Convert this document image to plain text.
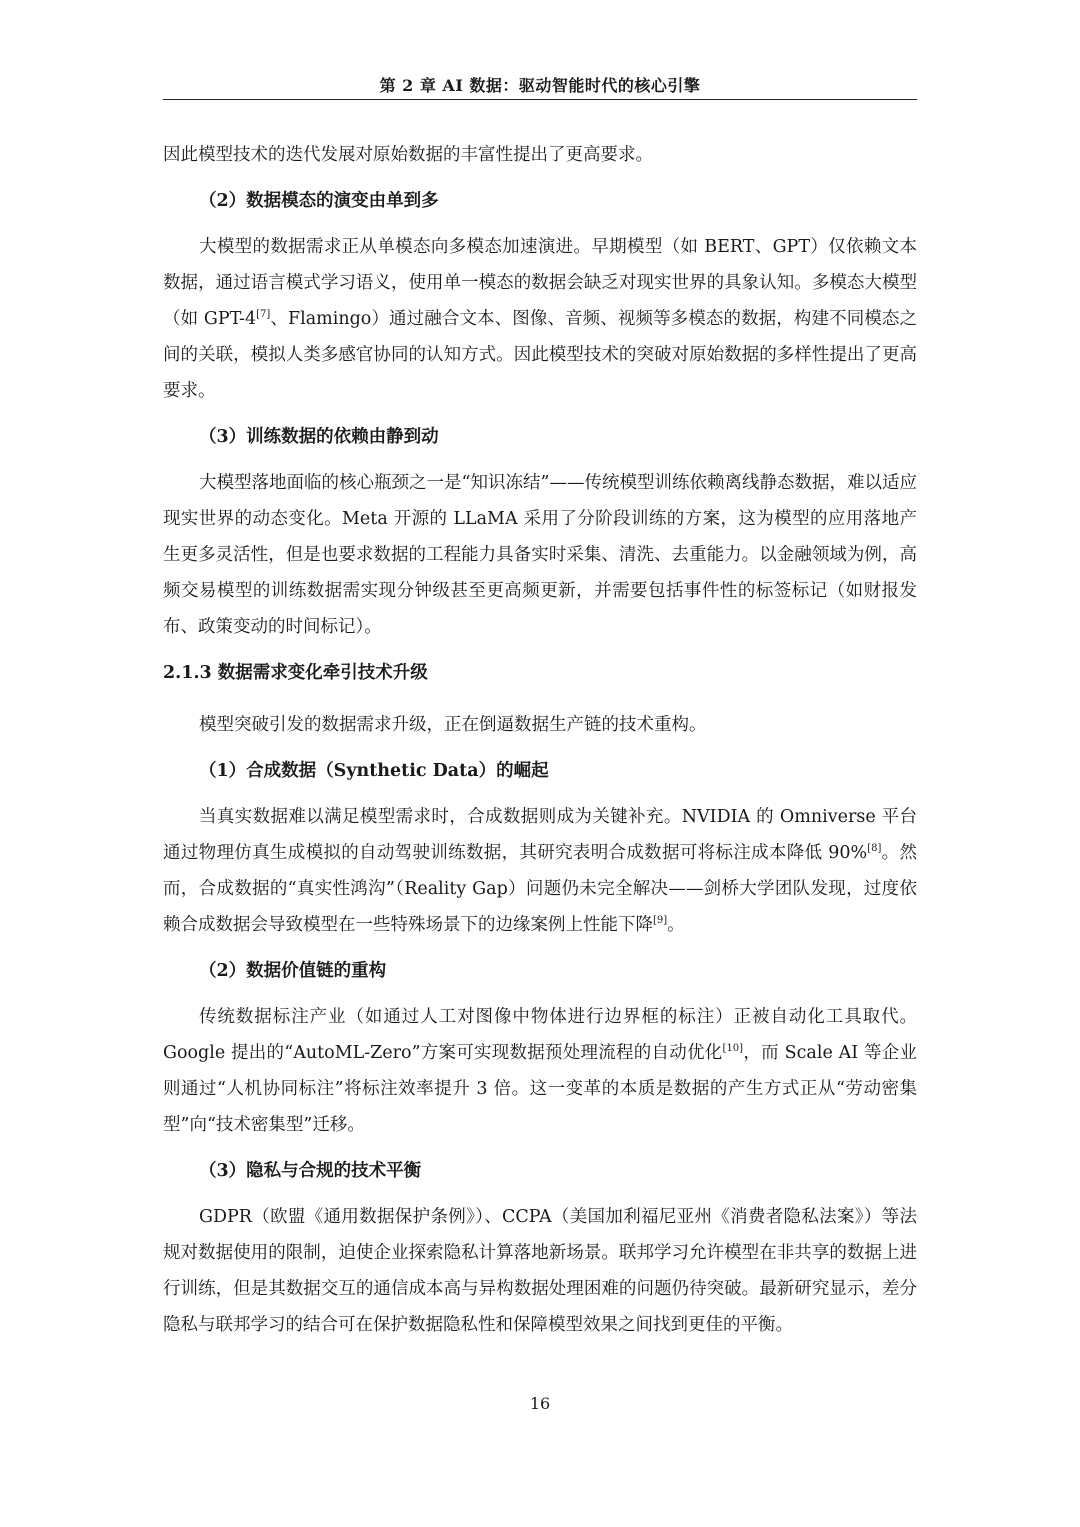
第 2 章 AI 数据：驱动智能时代的核心引擎

因此模型技术的迭代发展对原始数据的丰富性提出了更高要求。

（2）数据模态的演变由单到多

大模型的数据需求正从单模态向多模态加速演进。早期模型（如 BERT、GPT）仅依赖文本数据，通过语言模式学习语义，使用单一模态的数据会缺乏对现实世界的具象认知。多模态大模型（如 GPT-4[7]、Flamingo）通过融合文本、图像、音频、视频等多模态的数据，构建不同模态之间的关联，模拟人类多感官协同的认知方式。因此模型技术的突破对原始数据的多样性提出了更高要求。

（3）训练数据的依赖由静到动

大模型落地面临的核心瓶颈之一是“知识冻结”——传统模型训练依赖离线静态数据，难以适应现实世界的动态变化。Meta 开源的 LLaMA 采用了分阶段训练的方案，这为模型的应用落地产生更多灵活性，但是也要求数据的工程能力具备实时采集、清洗、去重能力。以金融领域为例，高频交易模型的训练数据需实现分钟级甚至更高频更新，并需要包括事件性的标签标记（如财报发布、政策变动的时间标记）。

2.1.3 数据需求变化牵引技术升级

模型突破引发的数据需求升级，正在倒逼数据生产链的技术重构。

（1）合成数据（Synthetic Data）的崛起

当真实数据难以满足模型需求时，合成数据则成为关键补充。NVIDIA 的 Omniverse 平台通过物理仿真生成模拟的自动驾驶训练数据，其研究表明合成数据可将标注成本降低 90%[8]。然而，合成数据的“真实性鸿沟”（Reality Gap）问题仍未完全解决——剑桥大学团队发现，过度依赖合成数据会导致模型在一些特殊场景下的边缘案例上性能下降[9]。

（2）数据价值链的重构

传统数据标注产业（如通过人工对图像中物体进行边界框的标注）正被自动化工具取代。Google 提出的“AutoML-Zero”方案可实现数据预处理流程的自动优化[10]，而 Scale AI 等企业则通过“人机协同标注”将标注效率提升 3 倍。这一变革的本质是数据的产生方式正从“劳动密集型”向“技术密集型”迁移。

（3）隐私与合规的技术平衡

GDPR（欧盟《通用数据保护条例》）、CCPA（美国加利福尼亚州《消费者隐私法案》）等法规对数据使用的限制，迫使企业探索隐私计算落地新场景。联邦学习允许模型在非共享的数据上进行训练，但是其数据交互的通信成本高与异构数据处理困难的问题仍待突破。最新研究显示，差分隐私与联邦学习的结合可在保护数据隐私性和保障模型效果之间找到更佳的平衡。

16
